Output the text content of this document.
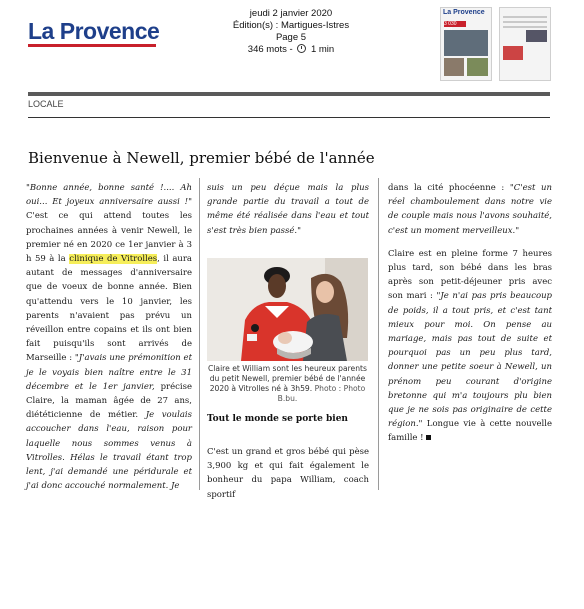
La Provence
jeudi 2 janvier 2020
Édition(s) : Martigues-Istres
Page 5
346 mots - 1 min
La Provence
3 030
LOCALE
Bienvenue à Newell, premier bébé de l'année

"Bonne année, bonne santé !.... Ah oui... Et joyeux anniversaire aussi !" C'est ce qui attend toutes les prochaines années à venir Newell, le premier né en 2020 ce 1er janvier à 3 h 59 à la clinique de Vitrolles, il aura autant de messages d'anniversaire que de voeux de bonne année. Bien qu'attendu vers le 10 janvier, les parents n'avaient pas prévu un réveillon entre copains et ils ont bien fait puisqu'ils sont arrivés de Marseille : "J'avais une prémonition et je le voyais bien naître entre le 31 décembre et le 1er janvier, précise Claire, la maman âgée de 27 ans, diététicienne de métier. Je voulais accoucher dans l'eau, raison pour laquelle nous sommes venus à Vitrolles. Hélas le travail étant trop lent, j'ai demandé une péridurale et j'ai donc accouché normalement. Je

suis un peu déçue mais la plus grande partie du travail a tout de même été réalisée dans l'eau et tout s'est très bien passé."

Claire et William sont les heureux parents du petit Newell, premier bébé de l'année 2020 à Vitrolles né à 3h59. Photo : Photo B.bu.
Tout le monde se porte bien

C'est un grand et gros bébé qui pèse 3,900 kg et qui fait également le bonheur du papa William, coach sportif

dans la cité phocéenne : "C'est un réel chamboulement dans notre vie de couple mais nous l'avons souhaité, c'est un moment merveilleux."

Claire est en pleine forme 7 heures plus tard, son bébé dans les bras après son petit-déjeuner pris avec son mari : "Je n'ai pas pris beaucoup de poids, il a tout pris, et c'est tant mieux pour moi. On pense au mariage, mais pas tout de suite et pourquoi pas un peu plus tard, donner une petite soeur à Newell, un prénom peu courant d'origine bretonne qui m'a toujours plu bien que je ne sois pas originaire de cette région." Longue vie à cette nouvelle famille !
